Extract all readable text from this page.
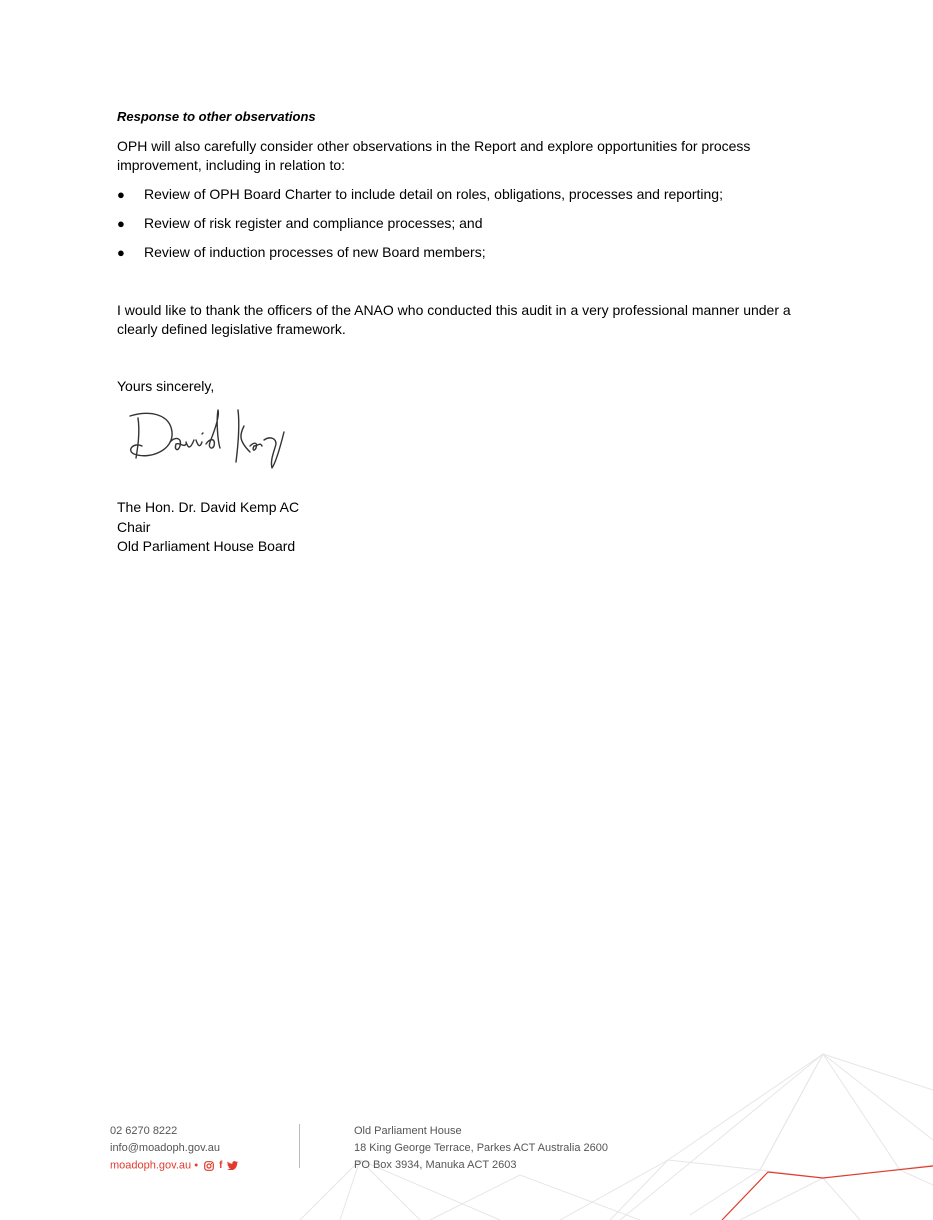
Response to other observations
OPH will also carefully consider other observations in the Report and explore opportunities for process improvement, including in relation to:
● Review of OPH Board Charter to include detail on roles, obligations, processes and reporting;
● Review of risk register and compliance processes; and
● Review of induction processes of new Board members;
I would like to thank the officers of the ANAO who conducted this audit in a very professional manner under a clearly defined legislative framework.
Yours sincerely,
The Hon. Dr. David Kemp AC
Chair
Old Parliament House Board
02 6270 8222
info@moadoph.gov.au
moadoph.gov.au • f
Old Parliament House
18 King George Terrace, Parkes ACT Australia 2600
PO Box 3934, Manuka ACT 2603
